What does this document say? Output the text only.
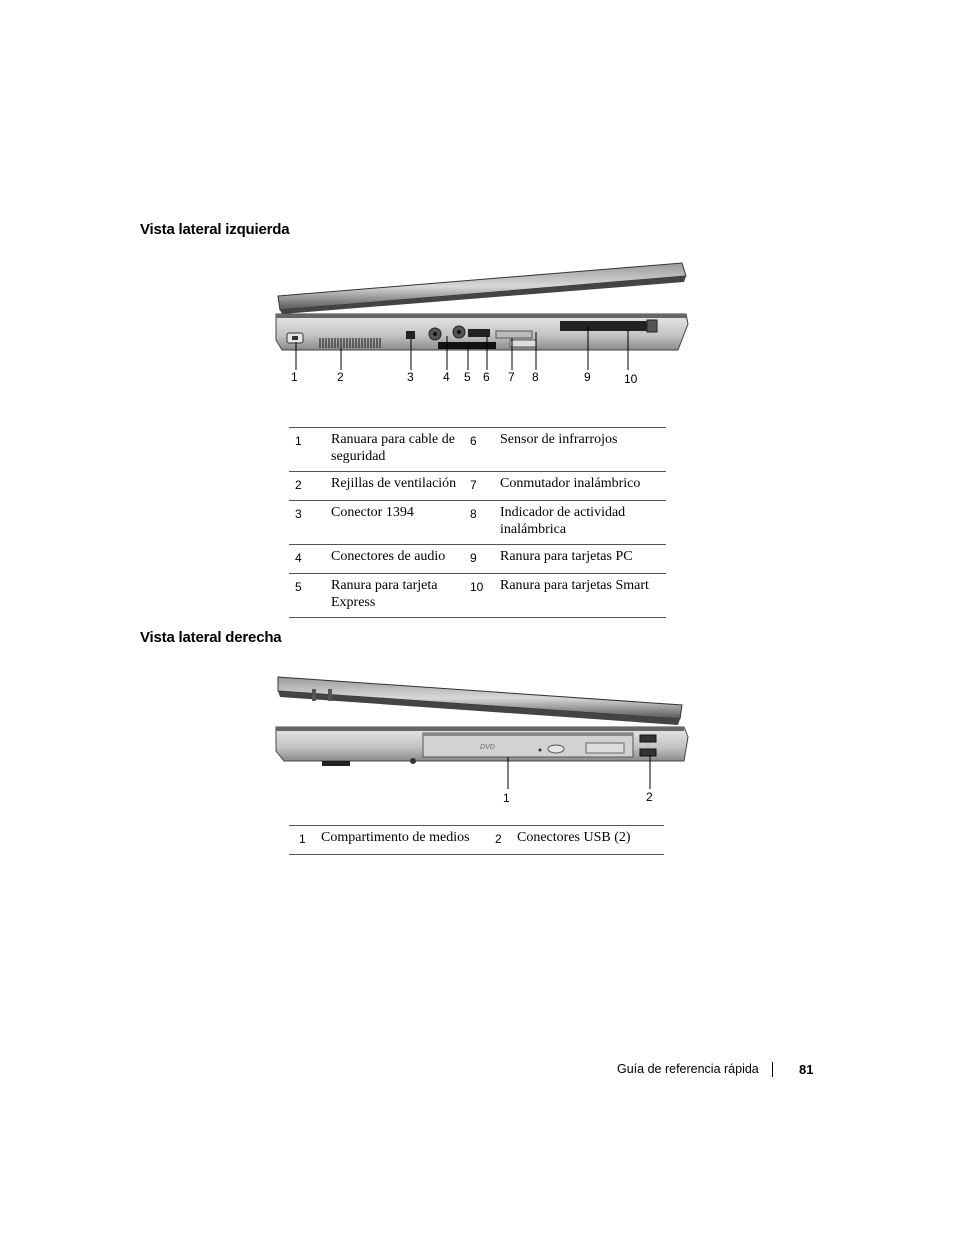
Vista lateral izquierda
1	2	3 4 5 6 7 8	9	10
1	Ranuara para cable de seguridad	6	Sensor de infrarrojos
2	Rejillas de ventilación	7	Conmutador inalámbrico
3	Conector 1394	8	Indicador de actividad inalámbrica
4	Conectores de audio	9	Ranura para tarjetas PC
5	Ranura para tarjeta Express	10	Ranura para tarjetas Smart
Vista lateral derecha
DVD
1	2
1	Compartimento de medios	2	Conectores USB (2)
Guía de referencia rápida	81
